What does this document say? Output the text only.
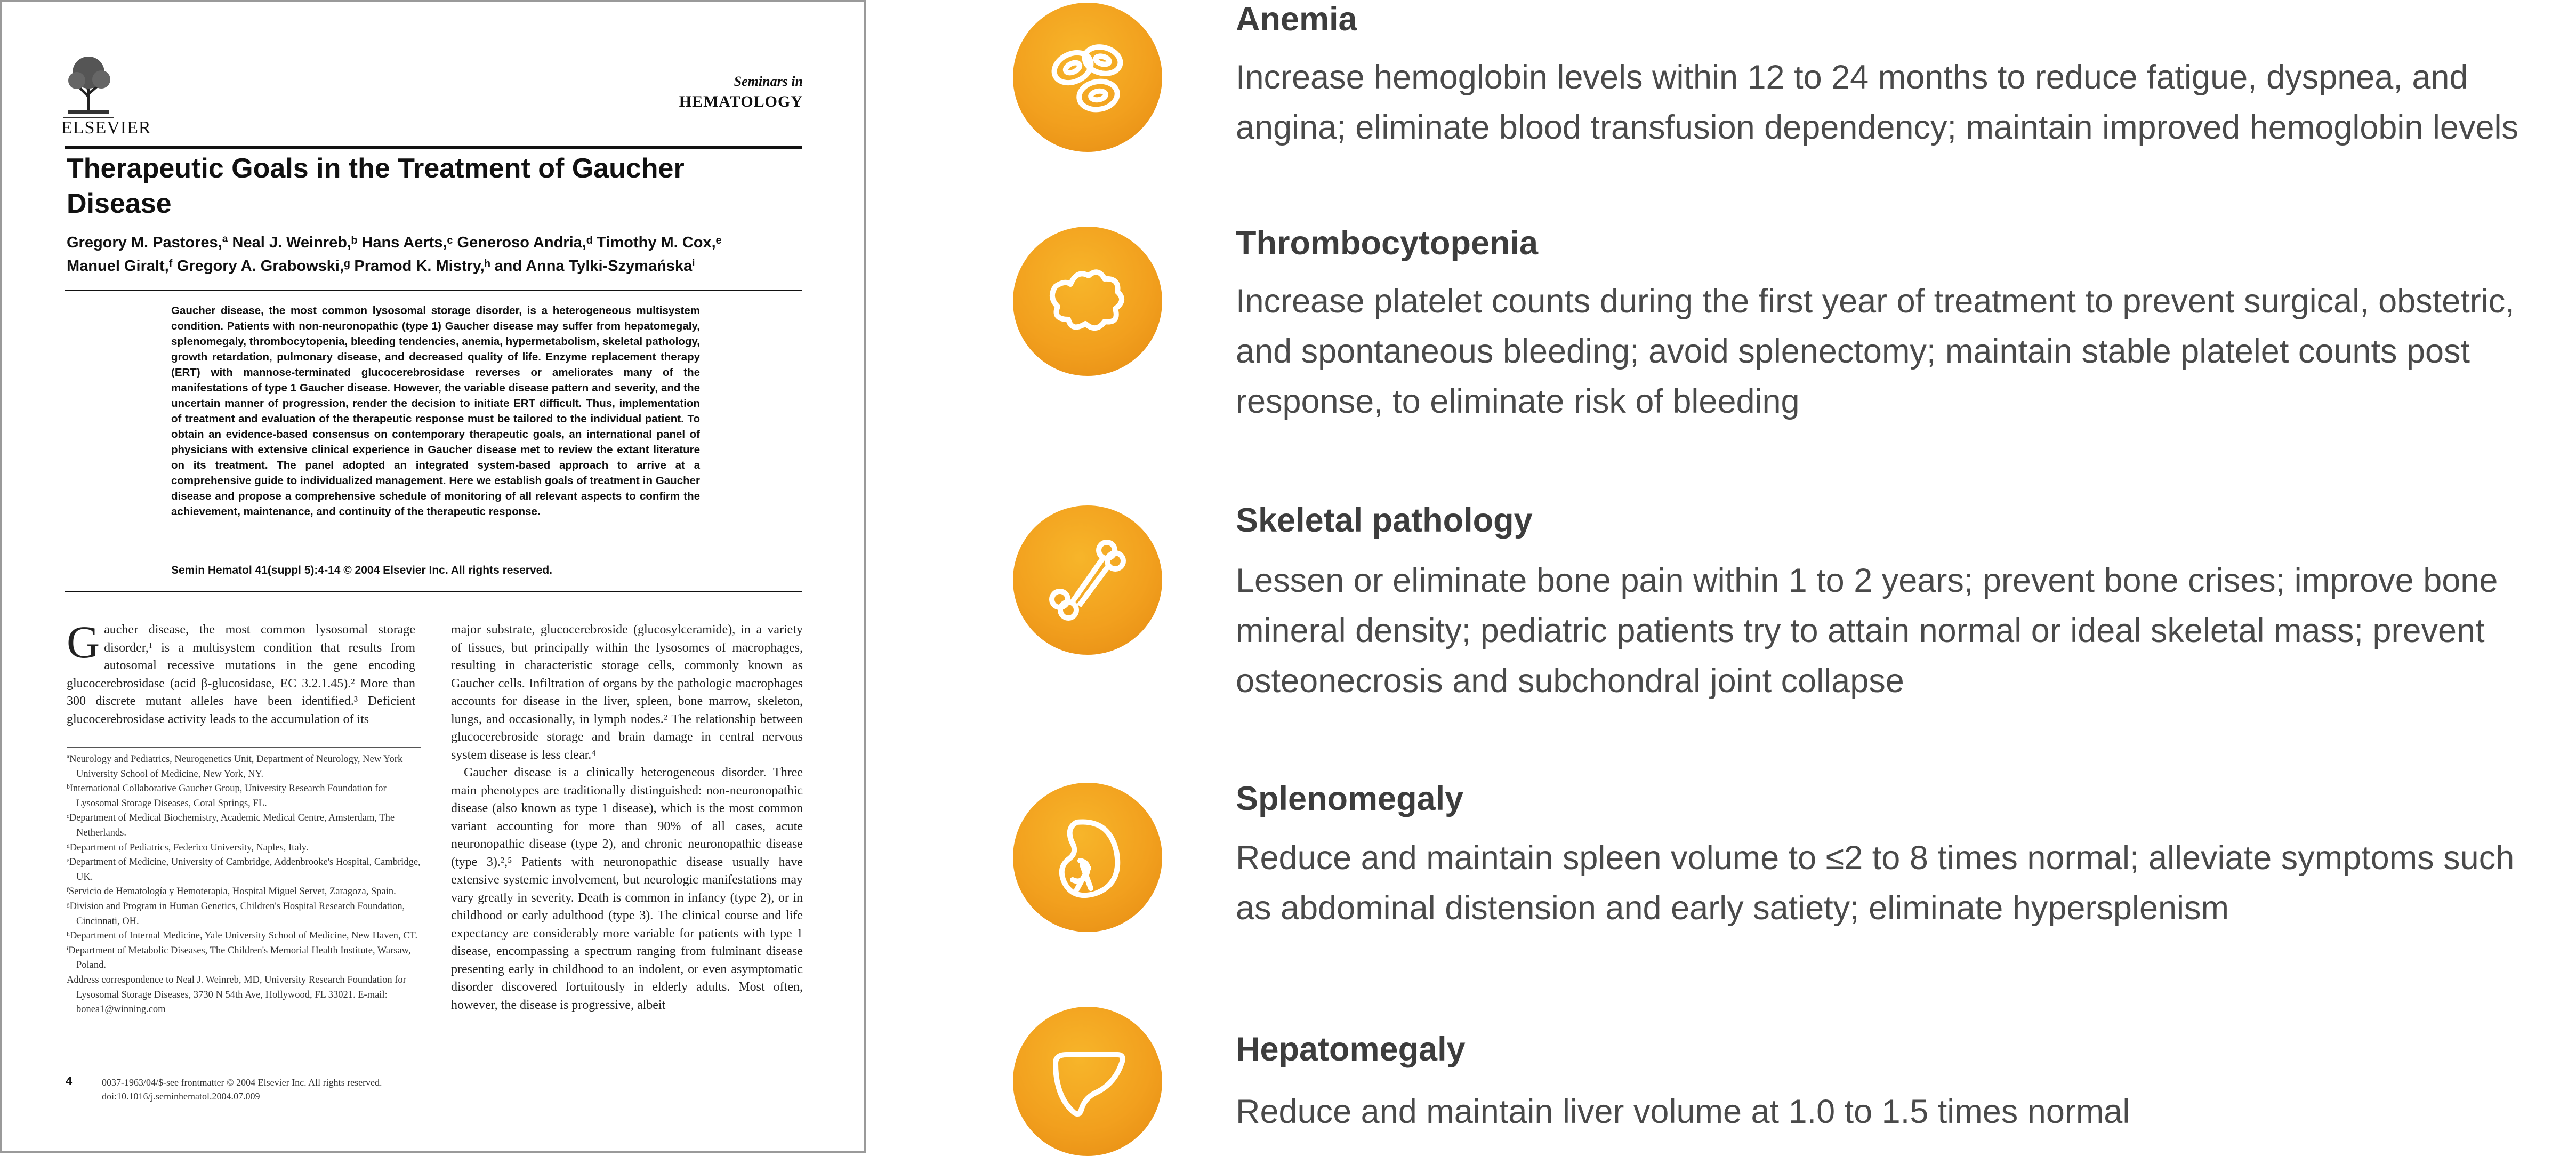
ELSEVIER
Seminars in
HEMATOLOGY
Therapeutic Goals in the Treatment of Gaucher Disease
Gregory M. Pastores,ª Neal J. Weinreb,ᵇ Hans Aerts,ᶜ Generoso Andria,ᵈ Timothy M. Cox,ᵉ
Manuel Giralt,ᶠ Gregory A. Grabowski,ᵍ Pramod K. Mistry,ʰ and Anna Tylki-Szymańskaⁱ
Gaucher disease, the most common lysosomal storage disorder, is a heterogeneous multisystem condition. Patients with non-neuronopathic (type 1) Gaucher disease may suffer from hepatomegaly, splenomegaly, thrombocytopenia, bleeding tendencies, anemia, hypermetabolism, skeletal pathology, growth retardation, pulmonary disease, and decreased quality of life. Enzyme replacement therapy (ERT) with mannose-terminated glucocerebrosidase reverses or ameliorates many of the manifestations of type 1 Gaucher disease. However, the variable disease pattern and severity, and the uncertain manner of progression, render the decision to initiate ERT difficult. Thus, implementation of treatment and evaluation of the therapeutic response must be tailored to the individual patient. To obtain an evidence-based consensus on contemporary therapeutic goals, an international panel of physicians with extensive clinical experience in Gaucher disease met to review the extant literature on its treatment. The panel adopted an integrated system-based approach to arrive at a comprehensive guide to individualized management. Here we establish goals of treatment in Gaucher disease and propose a comprehensive schedule of monitoring of all relevant aspects to confirm the achievement, maintenance, and continuity of the therapeutic response.
Semin Hematol 41(suppl 5):4-14 © 2004 Elsevier Inc. All rights reserved.
Gaucher disease, the most common lysosomal storage disorder,¹ is a multisystem condition that results from autosomal recessive mutations in the gene encoding glucocerebrosidase (acid β-glucosidase, EC 3.2.1.45).² More than 300 discrete mutant alleles have been identified.³ Deficient glucocerebrosidase activity leads to the accumulation of its

ªNeurology and Pediatrics, Neurogenetics Unit, Department of Neurology, New York University School of Medicine, New York, NY.

ᵇInternational Collaborative Gaucher Group, University Research Foundation for Lysosomal Storage Diseases, Coral Springs, FL.

ᶜDepartment of Medical Biochemistry, Academic Medical Centre, Amsterdam, The Netherlands.

ᵈDepartment of Pediatrics, Federico University, Naples, Italy.

ᵉDepartment of Medicine, University of Cambridge, Addenbrooke's Hospital, Cambridge, UK.

ᶠServicio de Hematología y Hemoterapia, Hospital Miguel Servet, Zaragoza, Spain.

ᵍDivision and Program in Human Genetics, Children's Hospital Research Foundation, Cincinnati, OH.

ʰDepartment of Internal Medicine, Yale University School of Medicine, New Haven, CT.

ⁱDepartment of Metabolic Diseases, The Children's Memorial Health Institute, Warsaw, Poland.

Address correspondence to Neal J. Weinreb, MD, University Research Foundation for Lysosomal Storage Diseases, 3730 N 54th Ave, Hollywood, FL 33021. E-mail: bonea1@winning.com

major substrate, glucocerebroside (glucosylceramide), in a variety of tissues, but principally within the lysosomes of macrophages, resulting in characteristic storage cells, commonly known as Gaucher cells. Infiltration of organs by the pathologic macrophages accounts for disease in the liver, spleen, bone marrow, skeleton, lungs, and occasionally, in lymph nodes.² The relationship between glucocerebroside storage and brain damage in central nervous system disease is less clear.⁴
Gaucher disease is a clinically heterogeneous disorder. Three main phenotypes are traditionally distinguished: non-neuronopathic disease (also known as type 1 disease), which is the most common variant accounting for more than 90% of all cases, acute neuronopathic disease (type 2), and chronic neuronopathic disease (type 3).²,⁵ Patients with neuronopathic disease usually have extensive systemic involvement, but neurologic manifestations may vary greatly in severity. Death is common in infancy (type 2), or in childhood or early adulthood (type 3). The clinical course and life expectancy are considerably more variable for patients with type 1 disease, encompassing a spectrum ranging from fulminant disease presenting early in childhood to an indolent, or even asymptomatic disorder discovered fortuitously in elderly adults. Most often, however, the disease is progressive, albeit
4	0037-1963/04/$-see frontmatter © 2004 Elsevier Inc. All rights reserved.
doi:10.1016/j.seminhematol.2004.07.009
Anemia
Increase hemoglobin levels within 12 to 24 months to reduce fatigue, dyspnea, and
angina; eliminate blood transfusion dependency; maintain improved hemoglobin levels
Thrombocytopenia
Increase platelet counts during the first year of treatment to prevent surgical, obstetric,
and spontaneous bleeding; avoid splenectomy; maintain stable platelet counts post
response, to eliminate risk of bleeding
Skeletal pathology
Lessen or eliminate bone pain within 1 to 2 years; prevent bone crises; improve bone
mineral density; pediatric patients try to attain normal or ideal skeletal mass; prevent
osteonecrosis and subchondral joint collapse
Splenomegaly
Reduce and maintain spleen volume to ≤2 to 8 times normal; alleviate symptoms such
as abdominal distension and early satiety; eliminate hypersplenism
Hepatomegaly
Reduce and maintain liver volume at 1.0 to 1.5 times normal
